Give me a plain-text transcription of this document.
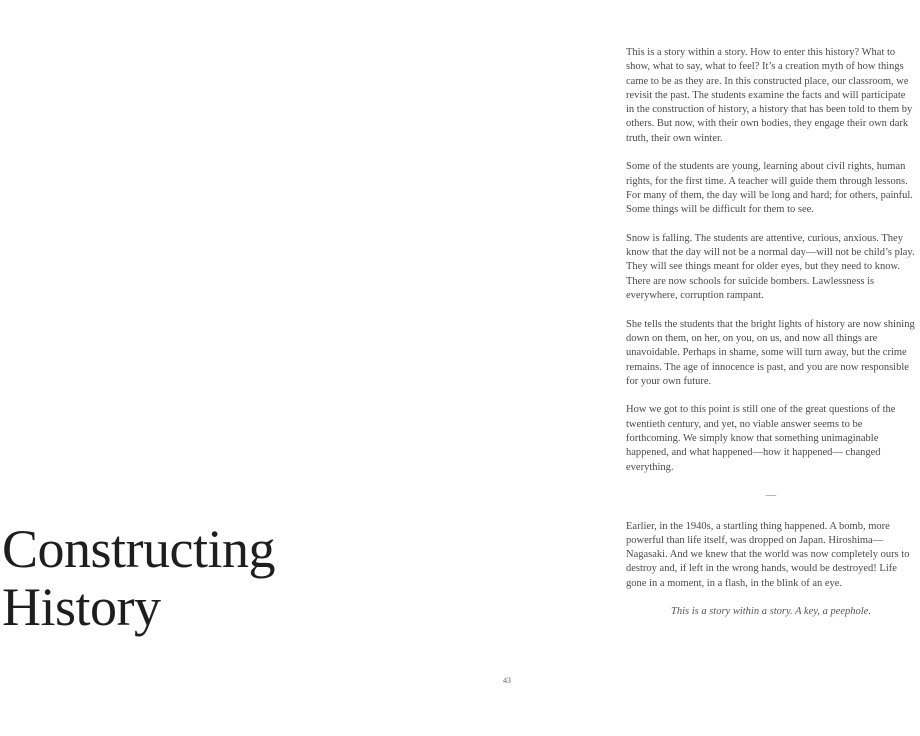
Constructing
History

This is a story within a story. How to enter this history? What to show, what to say, what to feel? It’s a creation myth of how things came to be as they are. In this constructed place, our classroom, we revisit the past. The students examine the facts and will participate in the construction of history, a history that has been told to them by others. But now, with their own bodies, they engage their own dark truth, their own winter.

Some of the students are young, learning about civil rights, human rights, for the first time. A teacher will guide them through lessons. For many of them, the day will be long and hard; for others, painful. Some things will be difficult for them to see.

Snow is falling. The students are attentive, curious, anxious. They know that the day will not be a normal day—will not be child’s play. They will see things meant for older eyes, but they need to know. There are now schools for suicide bombers. Lawlessness is everywhere, corruption rampant.

She tells the students that the bright lights of history are now shining down on them, on her, on you, on us, and now all things are unavoidable. Perhaps in shame, some will turn away, but the crime remains. The age of innocence is past, and you are now responsible for your own future.

How we got to this point is still one of the great questions of the twentieth century, and yet, no viable answer seems to be forthcoming. We simply know that something unimaginable happened, and what happened—how it happened— changed everything.

—

Earlier, in the 1940s, a startling thing happened. A bomb, more powerful than life itself, was dropped on Japan. Hiroshima—Nagasaki. And we knew that the world was now completely ours to destroy and, if left in the wrong hands, would be destroyed! Life gone in a moment, in a flash, in the blink of an eye.

This is a story within a story. A key, a peephole.

43
